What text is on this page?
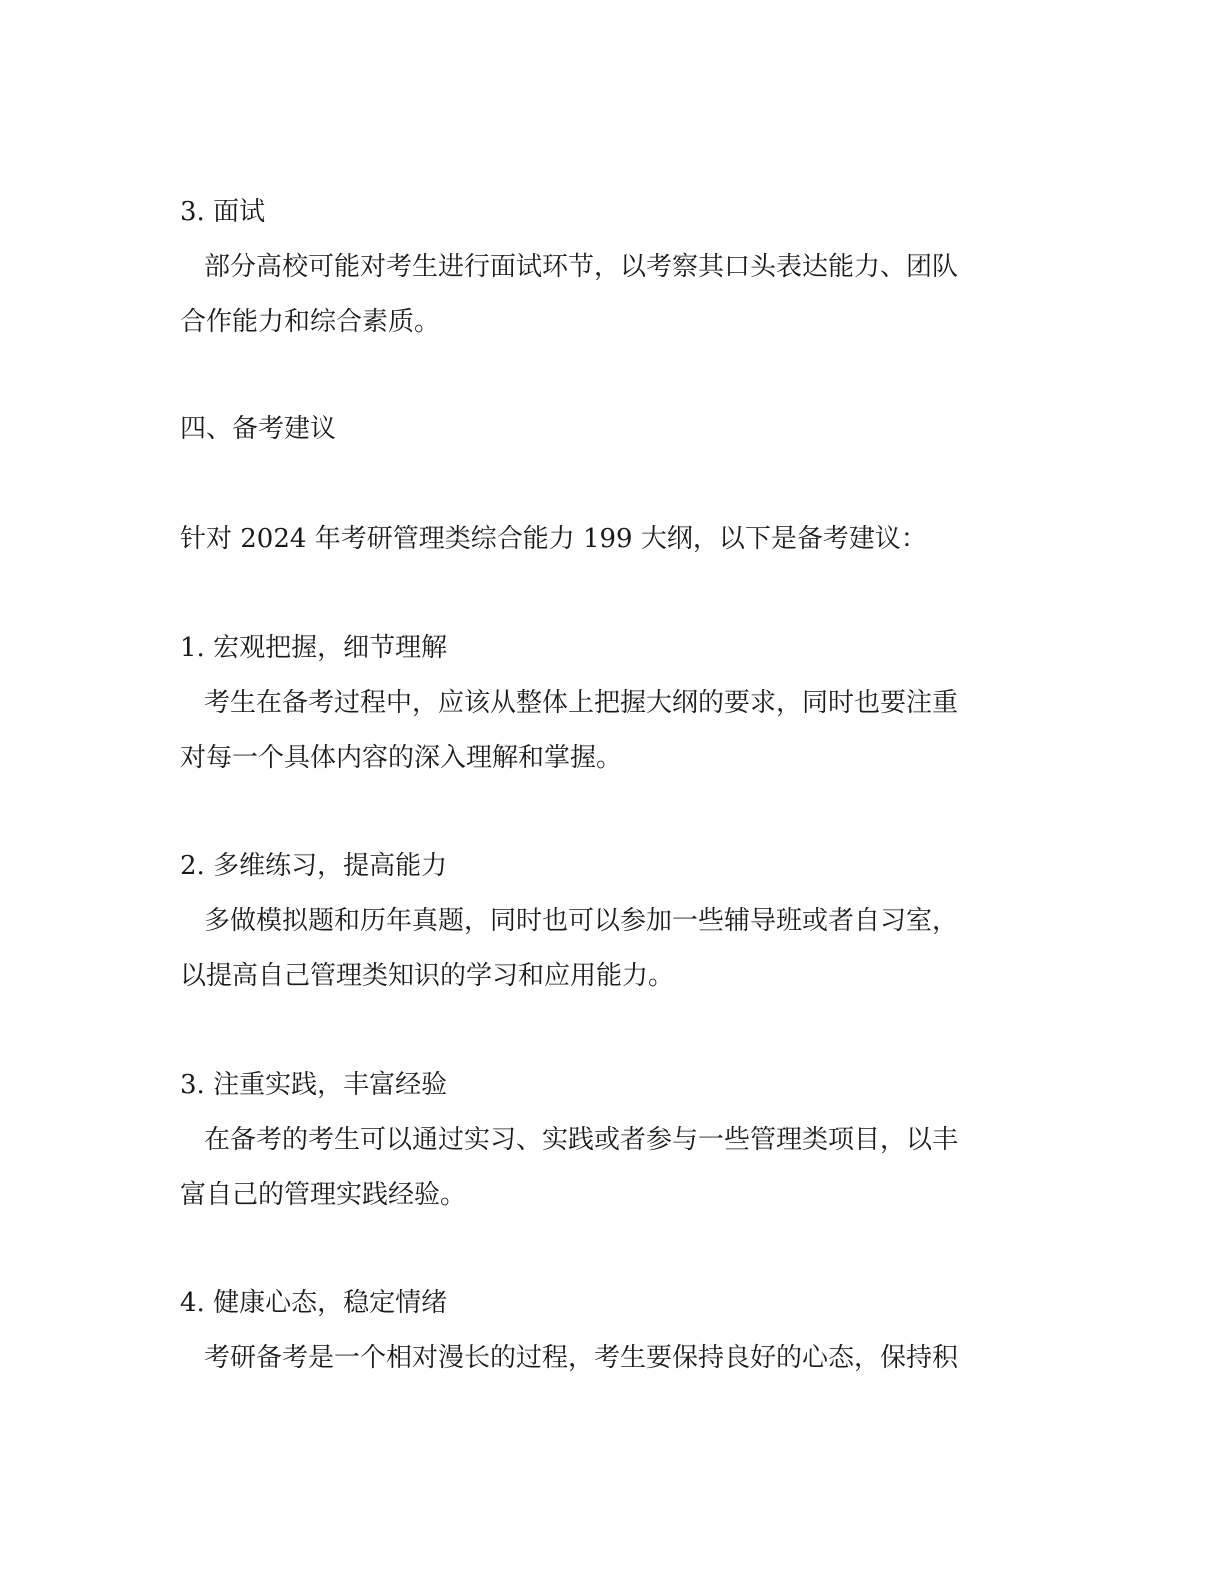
3. 面试
部分高校可能对考生进行面试环节，以考察其口头表达能力、团队
合作能力和综合素质。
四、备考建议
针对 2024 年考研管理类综合能力 199 大纲，以下是备考建议：
1. 宏观把握，细节理解
考生在备考过程中，应该从整体上把握大纲的要求，同时也要注重
对每一个具体内容的深入理解和掌握。
2. 多维练习，提高能力
多做模拟题和历年真题，同时也可以参加一些辅导班或者自习室，
以提高自己管理类知识的学习和应用能力。
3. 注重实践，丰富经验
在备考的考生可以通过实习、实践或者参与一些管理类项目，以丰
富自己的管理实践经验。
4. 健康心态，稳定情绪
考研备考是一个相对漫长的过程，考生要保持良好的心态，保持积
